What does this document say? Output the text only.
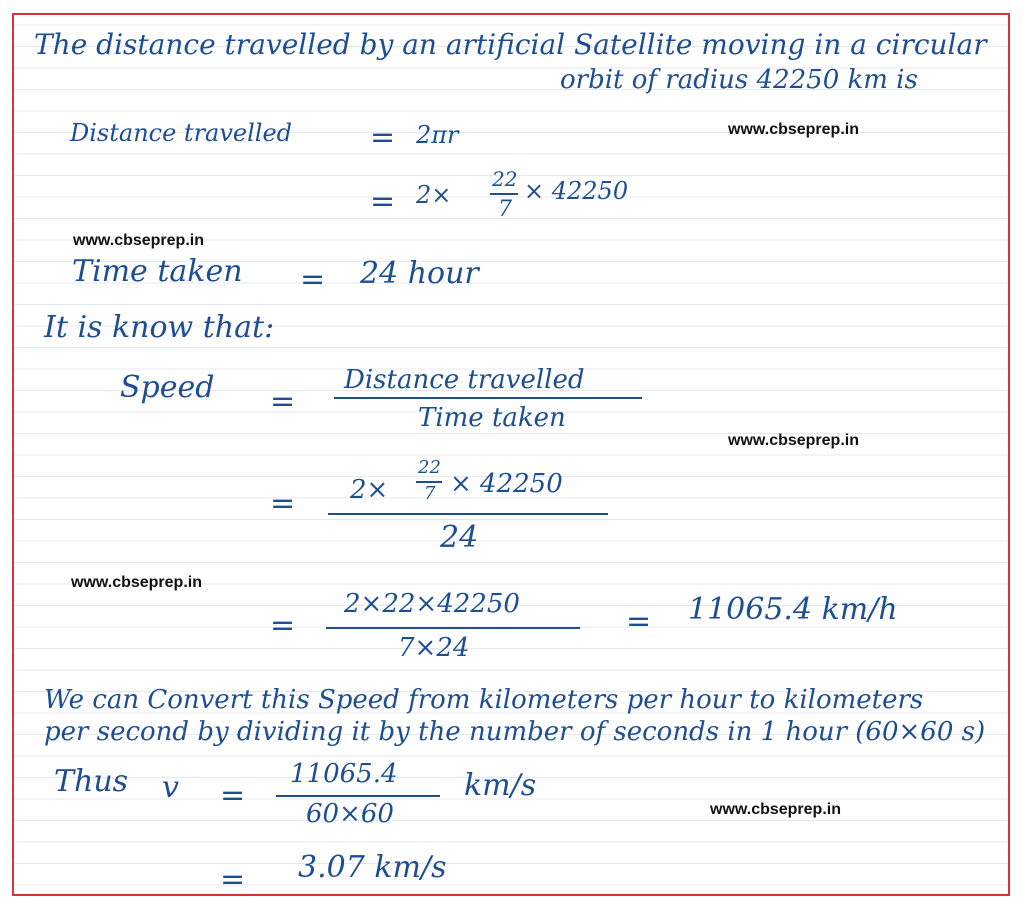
The distance travelled by an artificial Satellite moving in a circular
orbit of radius 42250 km is
Distance travelled	= 2πr	www.cbseprep.in
= 2×
22
7
× 42250
www.cbseprep.in
Time taken = 24 hour
It is know that:
Speed =
Distance travelled
Time taken
www.cbseprep.in
= 2×
22
7 × 42250
24
www.cbseprep.in
=
2×22×42250
7×24
= 11065.4 km/h
We can Convert this Speed from kilometers per hour to kilometers
per second by dividing it by the number of seconds in 1 hour (60×60 s)
Thus v =
11065.4
60×60
km/s
www.cbseprep.in
= 3.07 km/s
